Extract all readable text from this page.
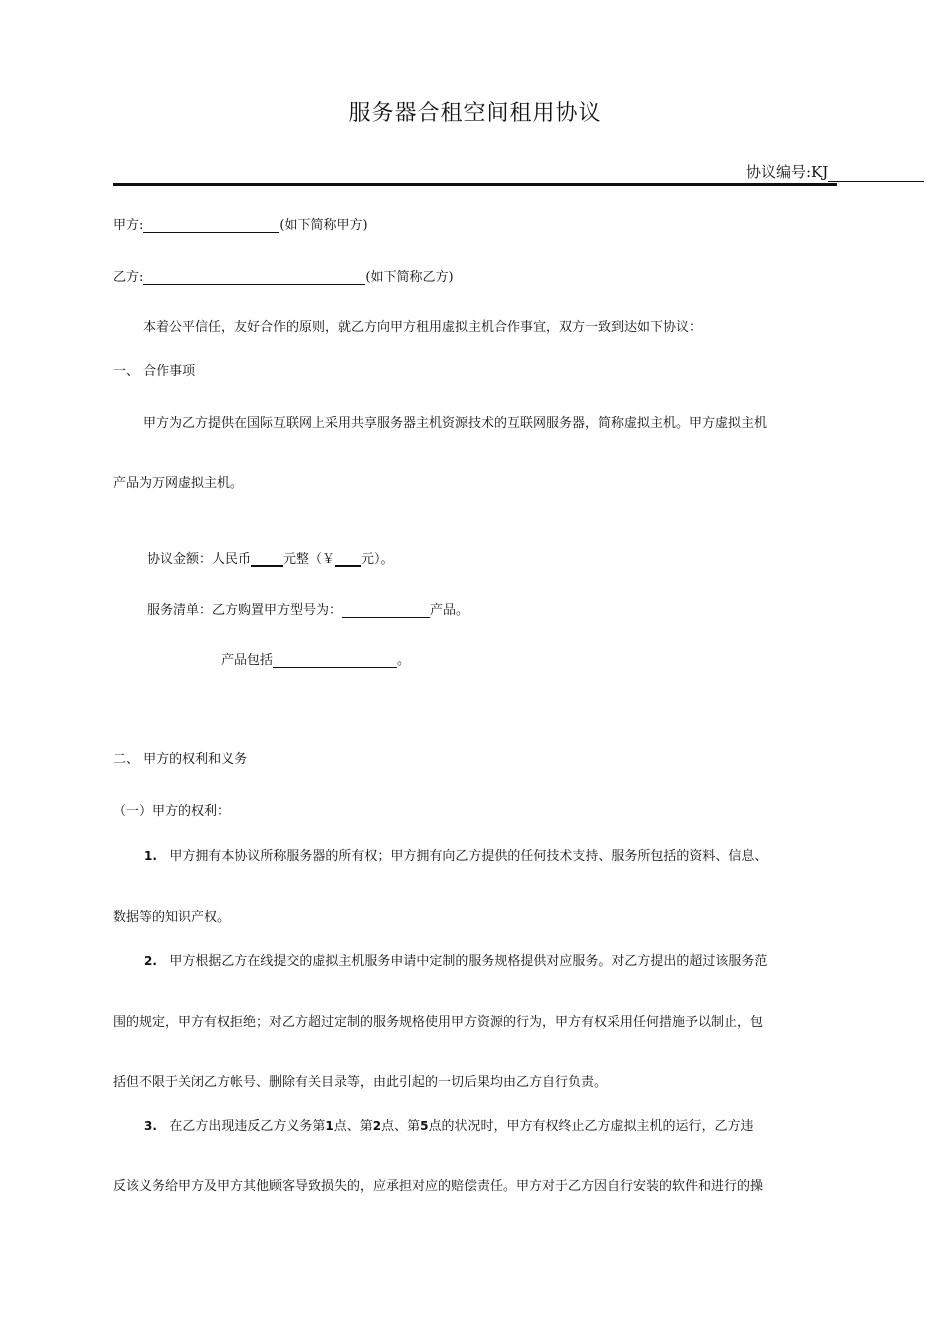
服务器合租空间租用协议
协议编号:KJ
甲方:	(如下简称甲方)
乙方:	(如下简称乙方)
本着公平信任，友好合作的原则，就乙方向甲方租用虚拟主机合作事宜，双方一致到达如下协议：
一、 合作事项
甲方为乙方提供在国际互联网上采用共享服务器主机资源技术的互联网服务器，简称虚拟主机。甲方虚拟主机
产品为万网虚拟主机。
协议金额：人民币 元整（￥ 元）。
服务清单：乙方购置甲方型号为：	产品。
产品包括	。
二、 甲方的权利和义务
（一）甲方的权利：
1. 甲方拥有本协议所称服务器的所有权；甲方拥有向乙方提供的任何技术支持、服务所包括的资料、信息、
数据等的知识产权。
2. 甲方根据乙方在线提交的虚拟主机服务申请中定制的服务规格提供对应服务。对乙方提出的超过该服务范
围的规定，甲方有权拒绝；对乙方超过定制的服务规格使用甲方资源的行为，甲方有权采用任何措施予以制止，包
括但不限于关闭乙方帐号、删除有关目录等，由此引起的一切后果均由乙方自行负责。
3. 在乙方出现违反乙方义务第1点、第2点、第5点的状况时，甲方有权终止乙方虚拟主机的运行，乙方违
反该义务给甲方及甲方其他顾客导致损失的，应承担对应的赔偿责任。甲方对于乙方因自行安装的软件和进行的操
